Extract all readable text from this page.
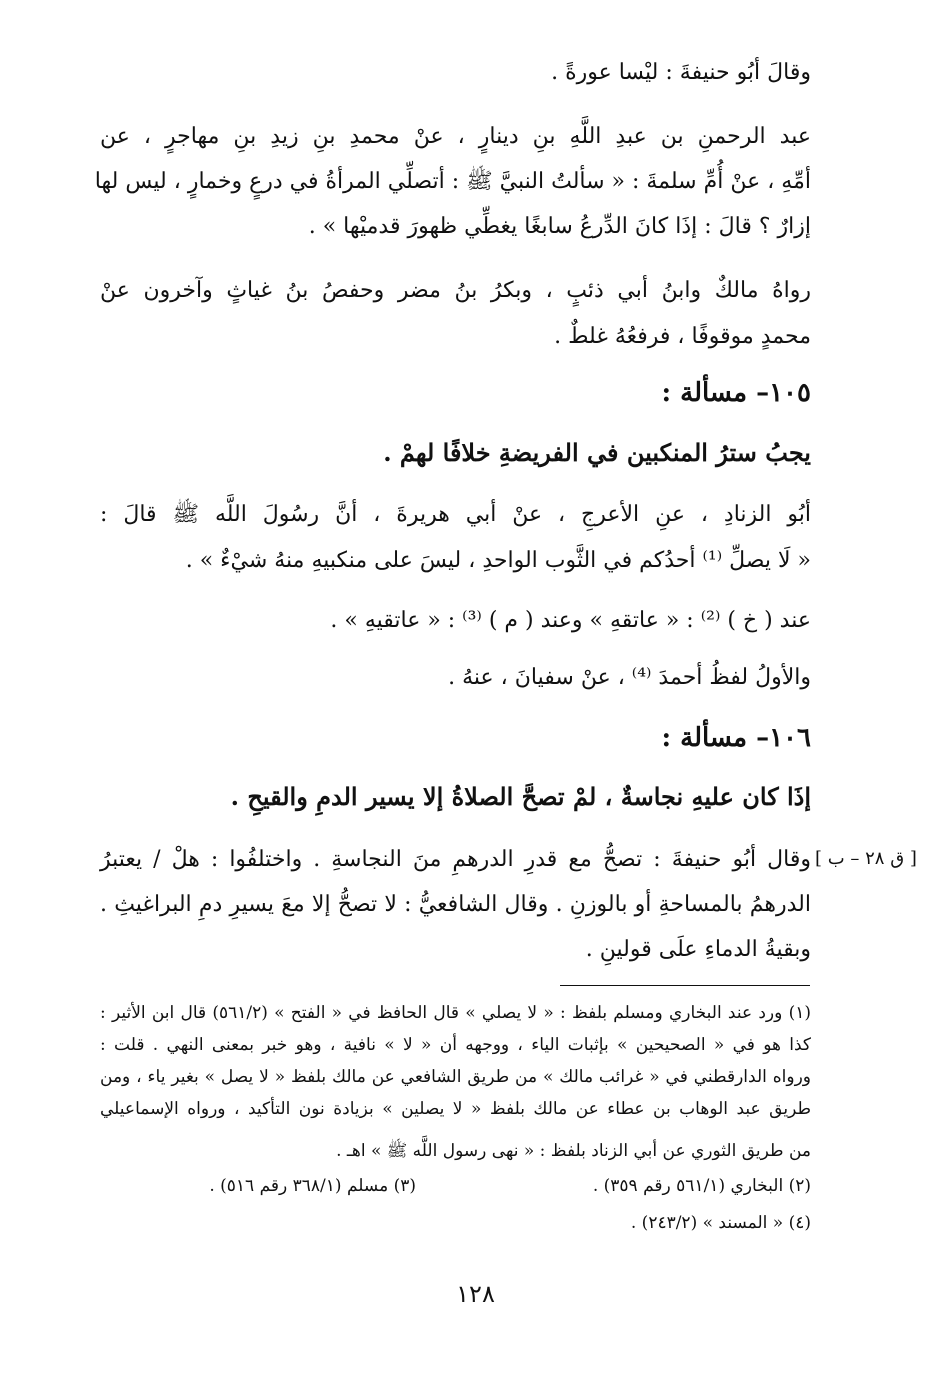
وقالَ أبُو حنيفةَ : ليْسا عورةً .
عبد الرحمنِ بن عبدِ اللَّهِ بنِ دينارٍ ، عنْ محمدِ بنِ زيدِ بنِ مهاجرٍ ، عن
أمِّهِ ، عنْ أُمِّ سلمةَ : « سألتُ النبيَّ ﷺ : أتصلِّي المرأةُ في درعٍ وخمارٍ ، ليس لها
إزارٌ ؟ قالَ : إذَا كانَ الدِّرعُ سابغًا يغطِّي ظهورَ قدميْها » .
رواهُ مالكٌ وابنُ أبي ذئبٍ ، وبكرُ بنُ مضر وحفصُ بنُ غياثٍ وآخرون عنْ
محمدٍ موقوفًا ، فرفعُهُ غلطٌ .
١٠٥– مسألة :
يجبُ سترُ المنكبين في الفريضةِ خلافًا لهمْ .
أبُو الزنادِ ، عنِ الأعرجِ ، عنْ أبي هريرةَ ، أنَّ رسُولَ اللَّه ﷺ قالَ :
« لَا يصلِّ ⁽¹⁾ أحدُكم في الثَّوب الواحدِ ، ليسَ على منكبيهِ منهُ شيْءٌ » .
عند ( خ ) ⁽²⁾ : « عاتقهِ » وعند ( م ) ⁽³⁾ : « عاتقيهِ » .
والأولُ لفظُ أحمدَ ⁽⁴⁾ ، عنْ سفيانَ ، عنهُ .
١٠٦– مسألة :
إذَا كان عليهِ نجاسةٌ ، لمْ تصحَّ الصلاةُ إلا يسير الدمِ والقيحِ .
وقال أبُو حنيفةَ : تصحُّ مع قدرِ الدرهمِ منَ النجاسةِ . واختلفُوا : هلْ / يعتبرُ [ ق ٢٨ – ب ]
الدرهمُ بالمساحةِ أو بالوزنِ . وقال الشافعيُّ : لا تصحُّ إلا معَ يسيرِ دمِ البراغيثِ .
وبقيةُ الدماءِ علَى قولينِ .
(١) ورد عند البخاري ومسلم بلفظ : « لا يصلي » قال الحافظ في « الفتح » (٥٦١/٢) قال ابن الأثير :
كذا هو في « الصحيحين » بإثبات الياء ، ووجهه أن « لا » نافية ، وهو خبر بمعنى النهي . قلت :
ورواه الدارقطني في « غرائب مالك » من طريق الشافعي عن مالك بلفظ « لا يصل » بغير ياء ، ومن
طريق عبد الوهاب بن عطاء عن مالك بلفظ « لا يصلين » بزيادة نون التأكيد ، ورواه الإسماعيلي
من طريق الثوري عن أبي الزناد بلفظ : « نهى رسول اللَّه ﷺ » اهـ .
(٢) البخاري (٥٦١/١ رقم ٣٥٩) .
(٣) مسلم (٣٦٨/١ رقم ٥١٦) .
(٤) « المسند » (٢٤٣/٢) .
١٢٨
